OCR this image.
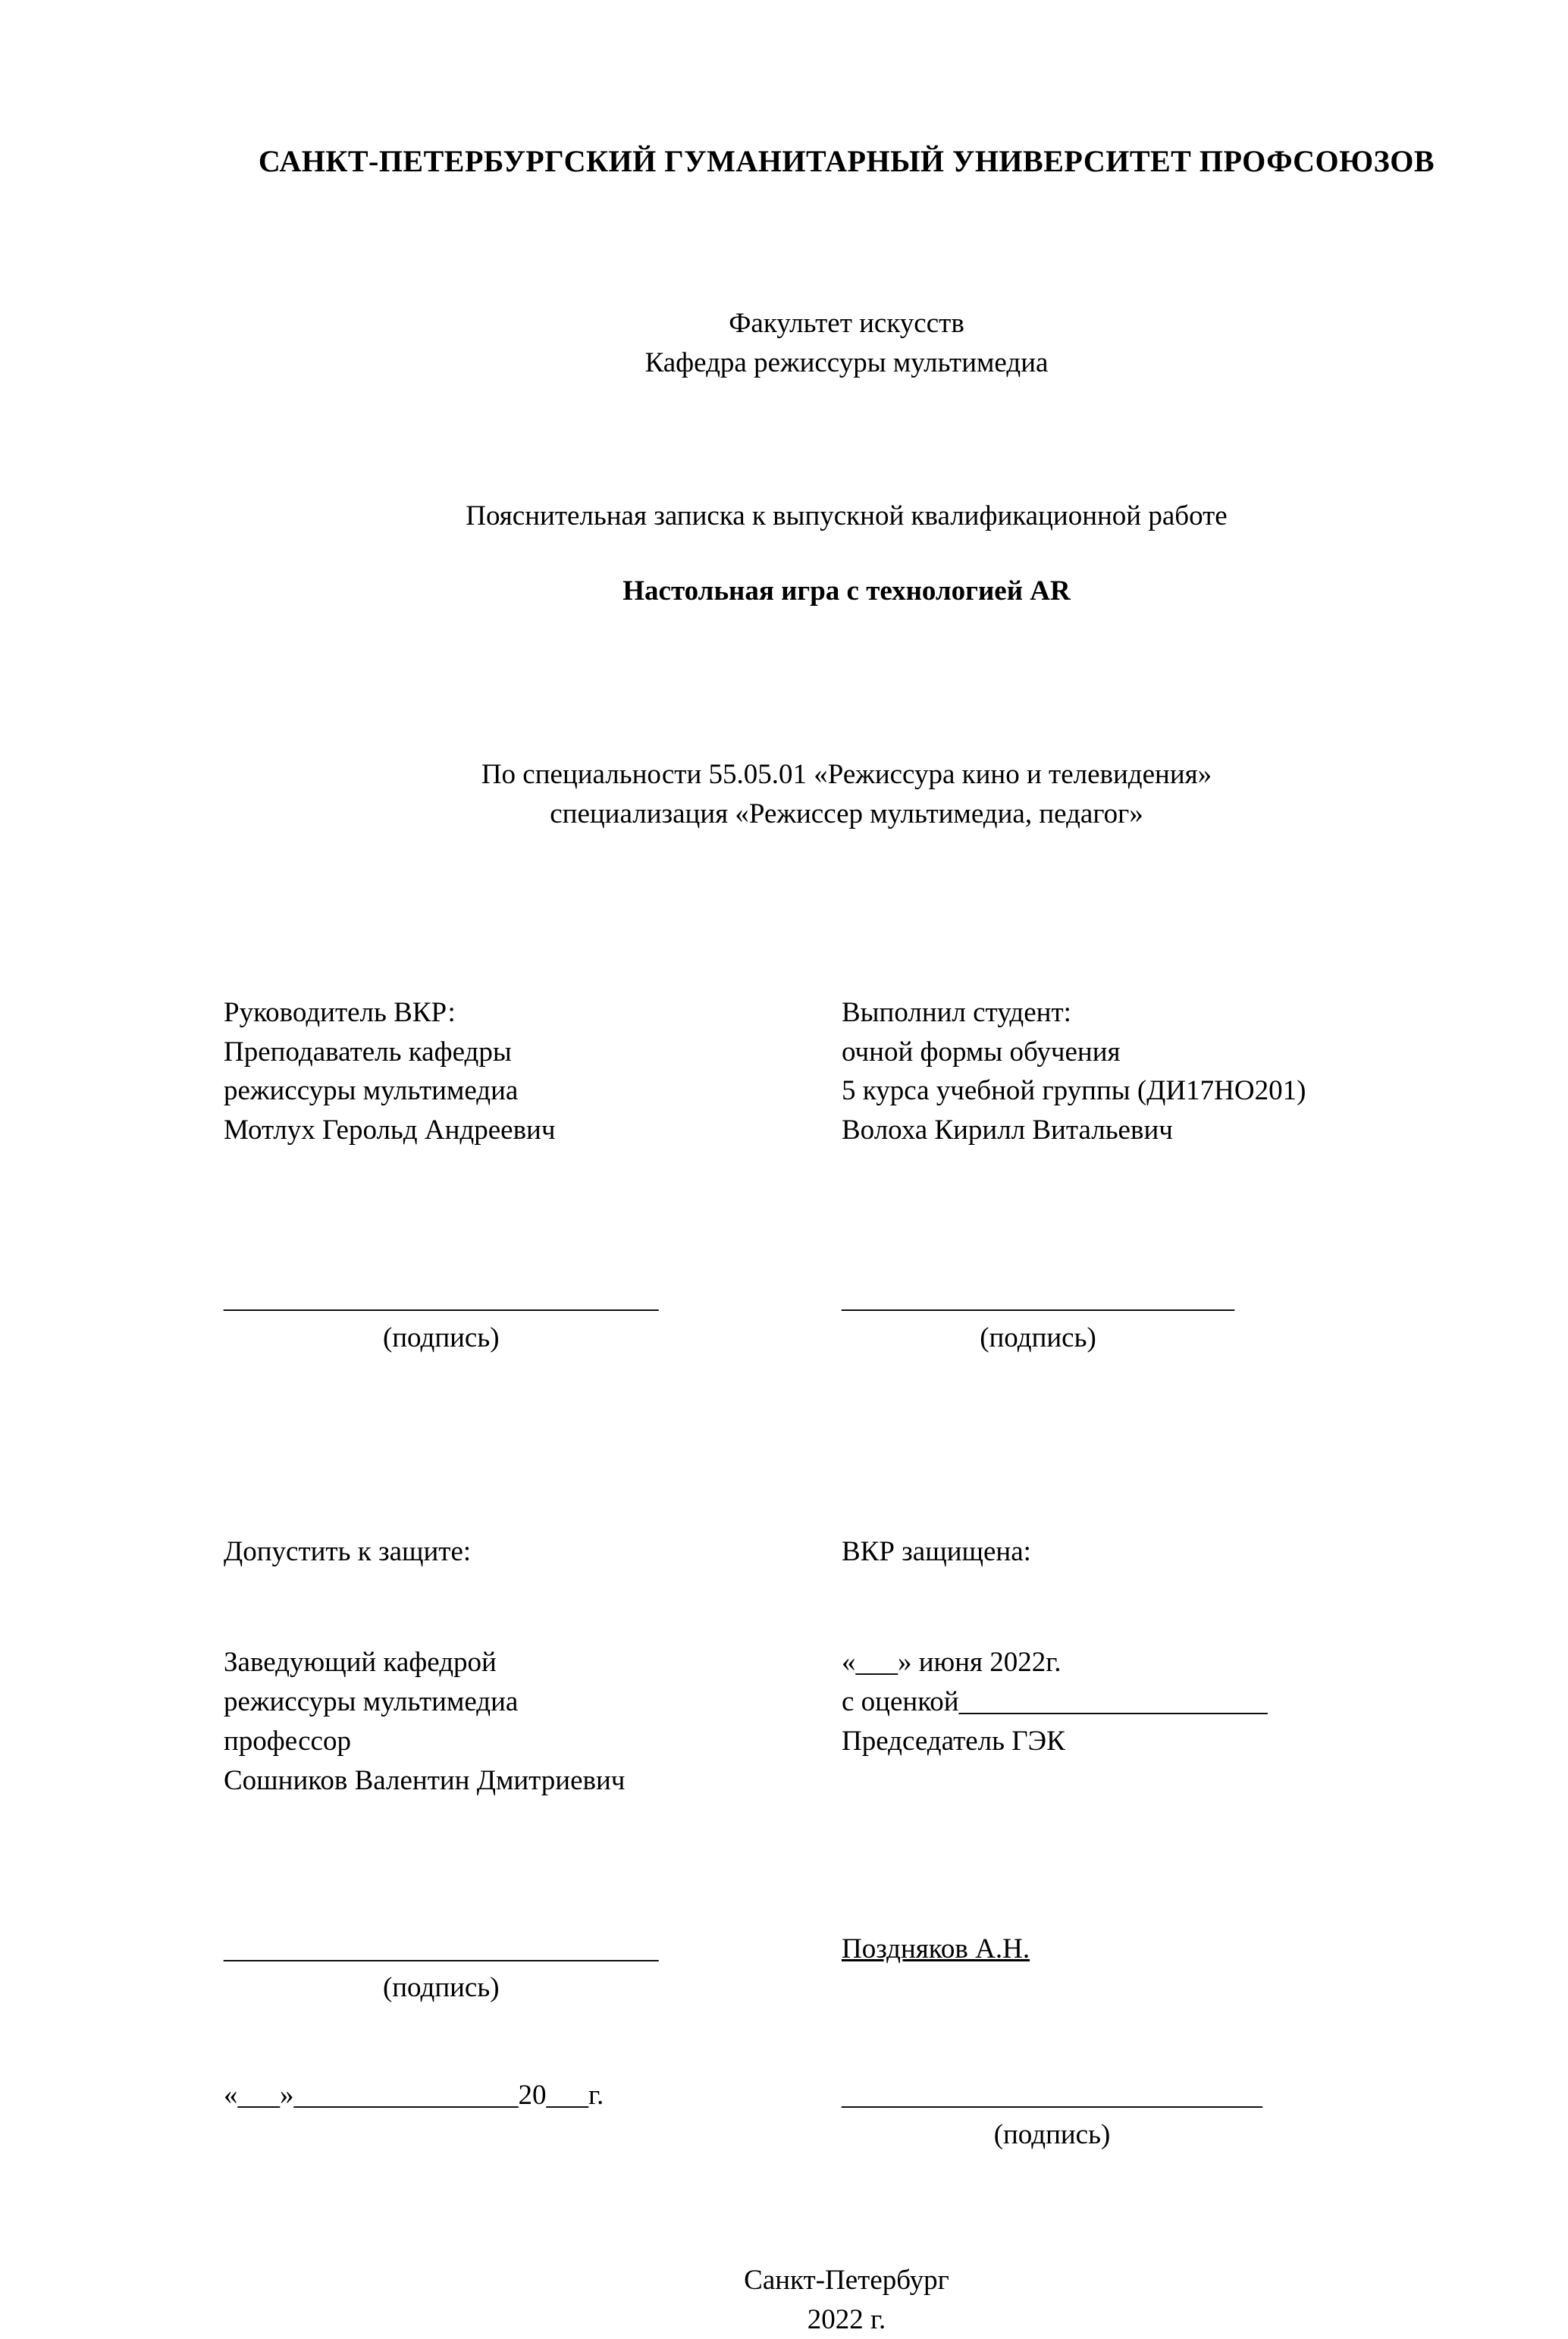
САНКТ-ПЕТЕРБУРГСКИЙ ГУМАНИТАРНЫЙ УНИВЕРСИТЕТ ПРОФСОЮЗОВ
Факультет искусств
Кафедра режиссуры мультимедиа
Пояснительная записка к выпускной квалификационной работе
Настольная игра с технологией AR
По специальности 55.05.01 «Режиссура кино и телевидения»
специализация «Режиссер мультимедиа, педагог»
Руководитель ВКР:
Преподаватель кафедры
режиссуры мультимедиа
Мотлух Герольд Андреевич
Выполнил студент:
очной формы обучения
5 курса учебной группы (ДИ17НО201)
Волоха Кирилл Витальевич
_______________________________
(подпись)
____________________________
(подпись)
Допустить к защите:	ВКР защищена:
Заведующий кафедрой
режиссуры мультимедиа
профессор
Сошников Валентин Дмитриевич
«___» июня 2022г.
с оценкой______________________
Председатель ГЭК
_______________________________
(подпись)
Поздняков А.Н.
«___»________________20___г.	______________________________
(подпись)
Санкт-Петербург
2022 г.
